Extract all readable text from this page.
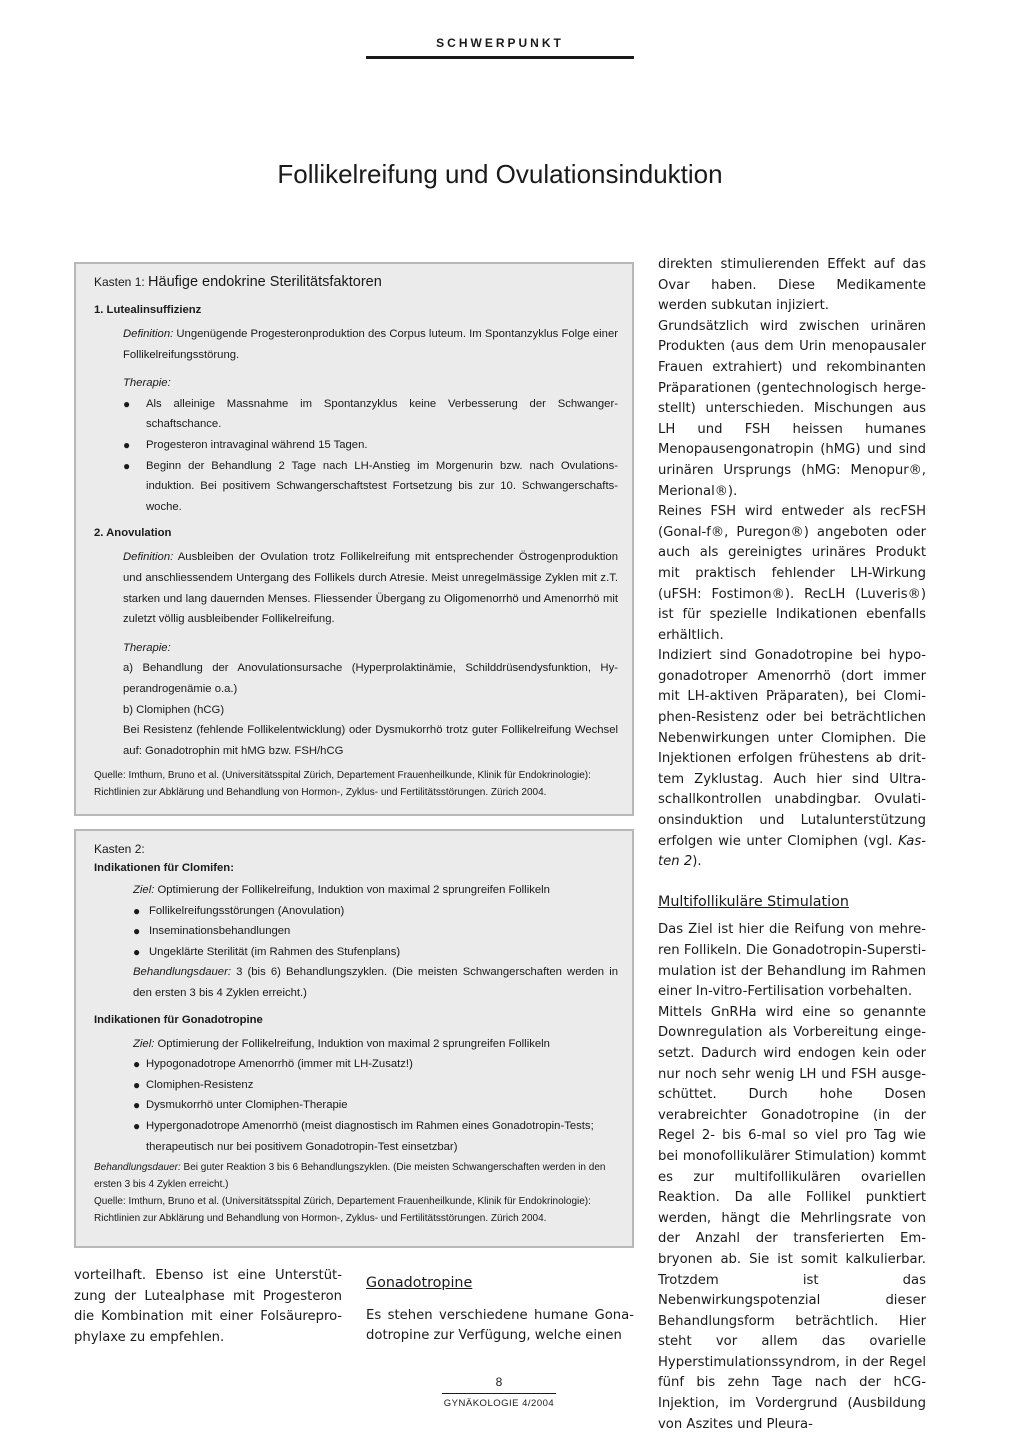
SCHWERPUNKT
Follikelreifung und Ovulationsinduktion
Kasten 1: Häufige endokrine Sterilitätsfaktoren
1. Lutealinsuffizienz
Definition: Ungenügende Progesteronproduktion des Corpus luteum. Im Spontanzyklus Folge einer Follikelreifungsstörung.
Therapie:
●	Als alleinige Massnahme im Spontanzyklus keine Verbesserung der Schwangerschaftschance.
●	Progesteron intravaginal während 15 Tagen.
●	Beginn der Behandlung 2 Tage nach LH-Anstieg im Morgenurin bzw. nach Ovulationsinduktion. Bei positivem Schwangerschaftstest Fortsetzung bis zur 10. Schwangerschaftswoche.
2. Anovulation
Definition: Ausbleiben der Ovulation trotz Follikelreifung mit entsprechender Östrogenproduktion und anschliessendem Untergang des Follikels durch Atresie. Meist unregelmässige Zyklen mit z.T. starken und lang dauernden Menses. Fliessender Übergang zu Oligomenorrhö und Amenorrhö mit zuletzt völlig ausbleibender Follikelreifung.
Therapie:

a) Behandlung der Anovulationsursache (Hyperprolaktinämie, Schilddrüsendysfunktion, Hyperandrogenämie o.a.)

b) Clomiphen (hCG)

Bei Resistenz (fehlende Follikelentwicklung) oder Dysmukorrhö trotz guter Follikelreifung Wechsel auf: Gonadotrophin mit hMG bzw. FSH/hCG

Quelle: Imthurn, Bruno et al. (Universitätsspital Zürich, Departement Frauenheilkunde, Klinik für Endokrinologie): Richtlinien zur Abklärung und Behandlung von Hormon-, Zyklus- und Fertilitätsstörungen. Zürich 2004.
Kasten 2:
Indikationen für Clomifen:
Ziel: Optimierung der Follikelreifung, Induktion von maximal 2 sprungreifen Follikeln
● Follikelreifungsstörungen (Anovulation)
● Inseminationsbehandlungen
● Ungeklärte Sterilität (im Rahmen des Stufenplans)
Behandlungsdauer: 3 (bis 6) Behandlungszyklen. (Die meisten Schwangerschaften werden in den ersten 3 bis 4 Zyklen erreicht.)
Indikationen für Gonadotropine
Ziel: Optimierung der Follikelreifung, Induktion von maximal 2 sprungreifen Follikeln
● Hypogonadotrope Amenorrhö (immer mit LH-Zusatz!)
● Clomiphen-Resistenz
● Dysmukorrhö unter Clomiphen-Therapie
● Hypergonadotrope Amenorrhö (meist diagnostisch im Rahmen eines Gonadotropin-Tests; therapeutisch nur bei positivem Gonadotropin-Test einsetzbar)
Behandlungsdauer: Bei guter Reaktion 3 bis 6 Behandlungszyklen. (Die meisten Schwangerschaften werden in den ersten 3 bis 4 Zyklen erreicht.)
Quelle: Imthurn, Bruno et al. (Universitätsspital Zürich, Departement Frauenheilkunde, Klinik für Endokrinologie): Richtlinien zur Abklärung und Behandlung von Hormon-, Zyklus- und Fertilitätsstörungen. Zürich 2004.

direkten stimulierenden Effekt auf das Ovar haben. Diese Medikamente werden subkutan injiziert.

Grundsätzlich wird zwischen urinären Produkten (aus dem Urin menopausaler Frauen extrahiert) und rekombinanten Präparationen (gentechnologisch hergestellt) unterschieden. Mischungen aus LH und FSH heissen humanes Menopausengonatropin (hMG) und sind urinären Ursprungs (hMG: Menopur®, Merional®).

Reines FSH wird entweder als recFSH (Gonal-f®, Puregon®) angeboten oder auch als gereinigtes urinäres Produkt mit praktisch fehlender LH-Wirkung (uFSH: Fostimon®). RecLH (Luveris®) ist für spezielle Indikationen ebenfalls erhältlich.

Indiziert sind Gonadotropine bei hypogonadotroper Amenorrhö (dort immer mit LH-aktiven Präparaten), bei Clomiphen-Resistenz oder bei beträchtlichen Nebenwirkungen unter Clomiphen. Die Injektionen erfolgen frühestens ab drittem Zyklustag. Auch hier sind Ultraschallkontrollen unabdingbar. Ovulationsinduktion und Lutalunterstützung erfolgen wie unter Clomiphen (vgl. Kasten 2).

Multifollikuläre Stimulation

Das Ziel ist hier die Reifung von mehreren Follikeln. Die Gonadotropin-Superstimulation ist der Behandlung im Rahmen einer In-vitro-Fertilisation vorbehalten.

Mittels GnRHa wird eine so genannte Downregulation als Vorbereitung eingesetzt. Dadurch wird endogen kein oder nur noch sehr wenig LH und FSH ausgeschüttet. Durch hohe Dosen verabreichter Gonadotropine (in der Regel 2- bis 6-mal so viel pro Tag wie bei monofollikulärer Stimulation) kommt es zur multifollikulären ovariellen Reaktion. Da alle Follikel punktiert werden, hängt die Mehrlingsrate von der Anzahl der transferierten Embryonen ab. Sie ist somit kalkulierbar. Trotzdem ist das Nebenwirkungspotenzial dieser Behandlungsform beträchtlich. Hier steht vor allem das ovarielle Hyperstimulationssyndrom, in der Regel fünf bis zehn Tage nach der hCG-Injektion, im Vordergrund (Ausbildung von Aszites und Pleura-

vorteilhaft. Ebenso ist eine Unterstützung der Lutealphase mit Progesteron die Kombination mit einer Folsäureprophylaxe zu empfehlen.

Gonadotropine

Es stehen verschiedene humane Gonadotropine zur Verfügung, welche einen

8
GYNÄKOLOGIE 4/2004
